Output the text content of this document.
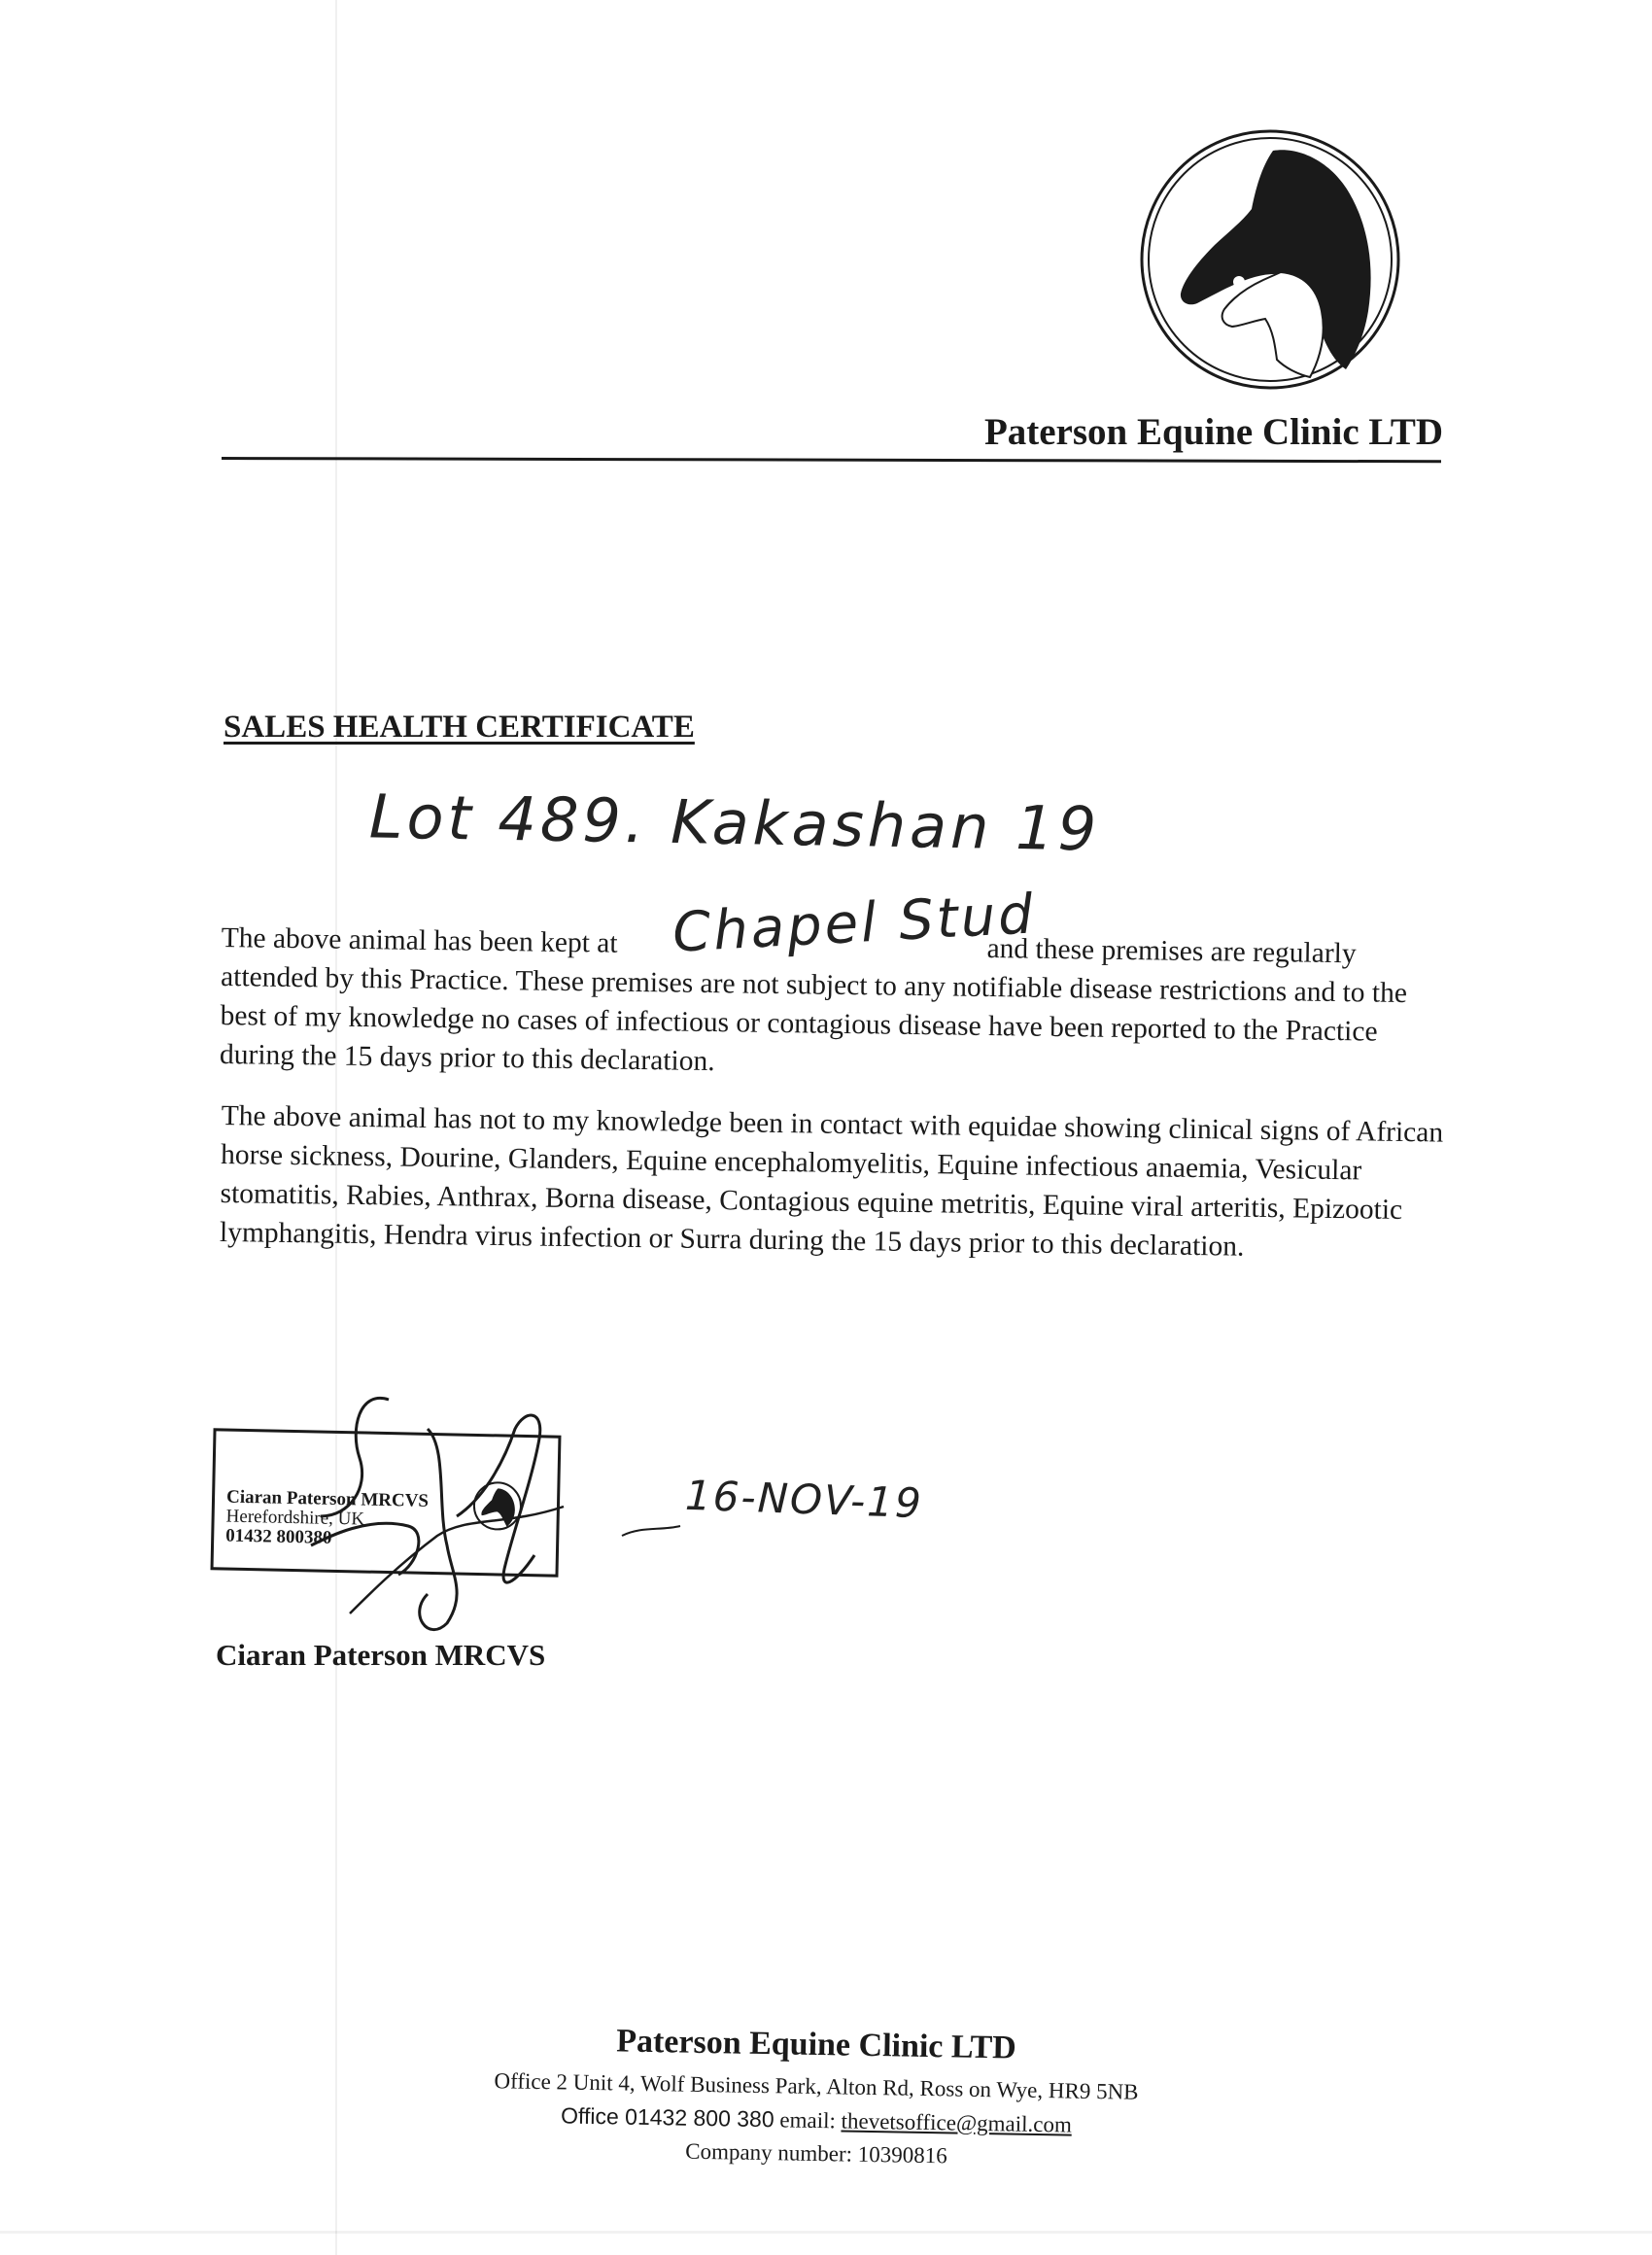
Paterson Equine Clinic LTD
SALES HEALTH CERTIFICATE
Lot 489. Kakashan 19
Chapel Stud
The above animal has been kept at	and these premises are regularly attended by this Practice. These premises are not subject to any notifiable disease restrictions and to the best of my knowledge no cases of infectious or contagious disease have been reported to the Practice during the 15 days prior to this declaration.
The above animal has not to my knowledge been in contact with equidae showing clinical signs of African horse sickness, Dourine, Glanders, Equine encephalomyelitis, Equine infectious anaemia, Vesicular stomatitis, Rabies, Anthrax, Borna disease, Contagious equine metritis, Equine viral arteritis, Epizootic lymphangitis, Hendra virus infection or Surra during the 15 days prior to this declaration.
Ciaran Paterson MRCVS
Herefordshire, UK
01432 800380
16-NOV-19
Ciaran Paterson MRCVS
Paterson Equine Clinic LTD
Office 2 Unit 4, Wolf Business Park, Alton Rd, Ross on Wye, HR9 5NB
Office 01432 800 380 email: thevetsoffice@gmail.com
Company number: 10390816
